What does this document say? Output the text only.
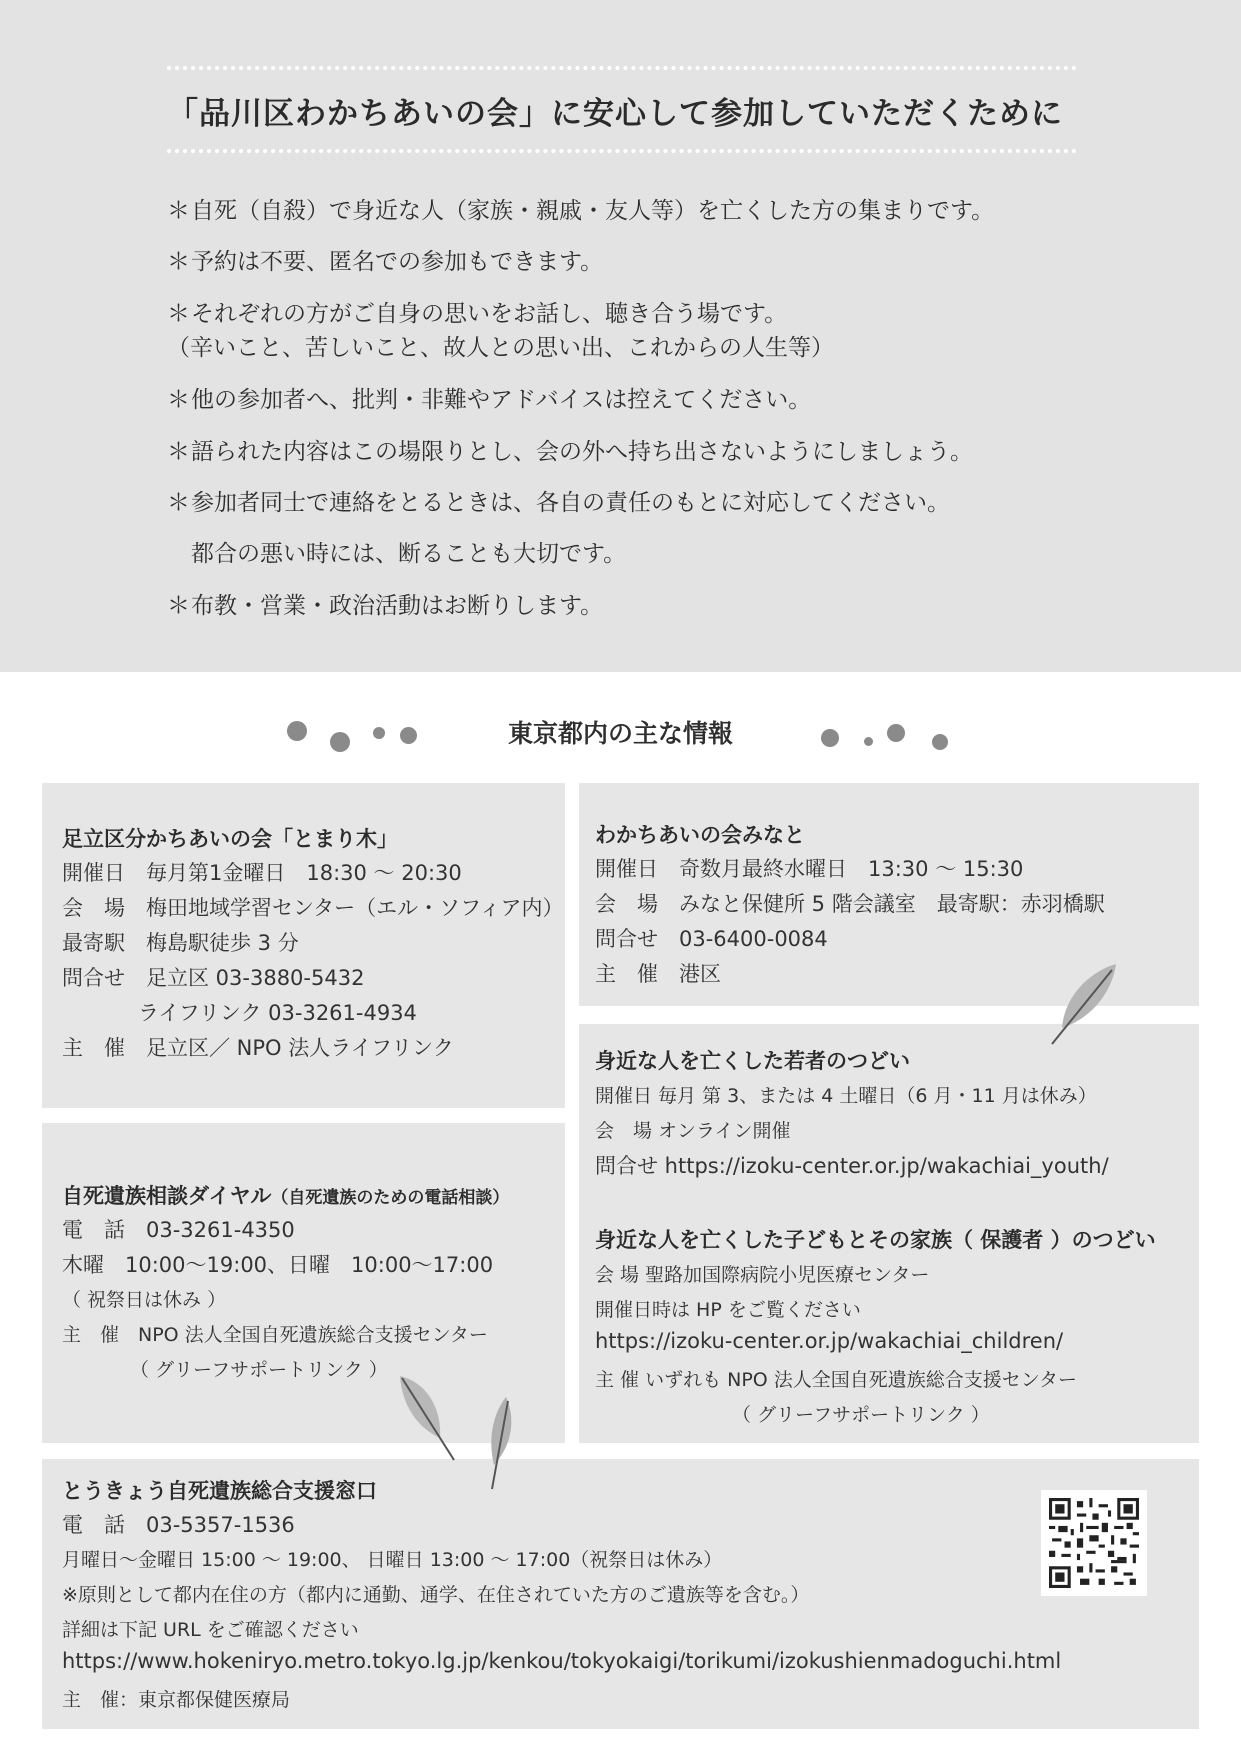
「品川区わかちあいの会」に安心して参加していただくために
＊自死（自殺）で身近な人（家族・親戚・友人等）を亡くした方の集まりです。
＊予約は不要、匿名での参加もできます。
＊それぞれの方がご自身の思いをお話し、聴き合う場です。
（辛いこと、苦しいこと、故人との思い出、これからの人生等）
＊他の参加者へ、批判・非難やアドバイスは控えてください。
＊語られた内容はこの場限りとし、会の外へ持ち出さないようにしましょう。
＊参加者同士で連絡をとるときは、各自の責任のもとに対応してください。
都合の悪い時には、断ることも大切です。
＊布教・営業・政治活動はお断りします。
東京都内の主な情報
足立区分かちあいの会「とまり木」
開催日　毎月第1金曜日　18:30 ～ 20:30
会　場　梅田地域学習センター（エル・ソフィア内）
最寄駅　梅島駅徒歩 3 分
問合せ　足立区 03-3880-5432
ライフリンク 03-3261-4934
主　催　足立区／ NPO 法人ライフリンク
わかちあいの会みなと
開催日　奇数月最終水曜日　13:30 ～ 15:30
会　場　みなと保健所 5 階会議室　最寄駅：赤羽橋駅
問合せ　03-6400-0084
主　催　港区
自死遺族相談ダイヤル（自死遺族のための電話相談）
電　話　03-3261-4350
木曜　10:00～19:00、日曜　10:00～17:00
（ 祝祭日は休み ）
主　催　NPO 法人全国自死遺族総合支援センター
（ グリーフサポートリンク ）
身近な人を亡くした若者のつどい
開催日 毎月 第 3、または 4 土曜日（6 月・11 月は休み）
会　場 オンライン開催
問合せ https://izoku-center.or.jp/wakachiai_youth/
身近な人を亡くした子どもとその家族（ 保護者 ）のつどい
会 場 聖路加国際病院小児医療センター
開催日時は HP をご覧ください
https://izoku-center.or.jp/wakachiai_children/
主 催 いずれも NPO 法人全国自死遺族総合支援センター
（ グリーフサポートリンク ）
とうきょう自死遺族総合支援窓口
電　話　03-5357-1536
月曜日～金曜日 15:00 ～ 19:00、 日曜日 13:00 ～ 17:00（祝祭日は休み）
※原則として都内在住の方（都内に通勤、通学、在住されていた方のご遺族等を含む。）
詳細は下記 URL をご確認ください
https://www.hokeniryo.metro.tokyo.lg.jp/kenkou/tokyokaigi/torikumi/izokushienmadoguchi.html
主　催：東京都保健医療局
